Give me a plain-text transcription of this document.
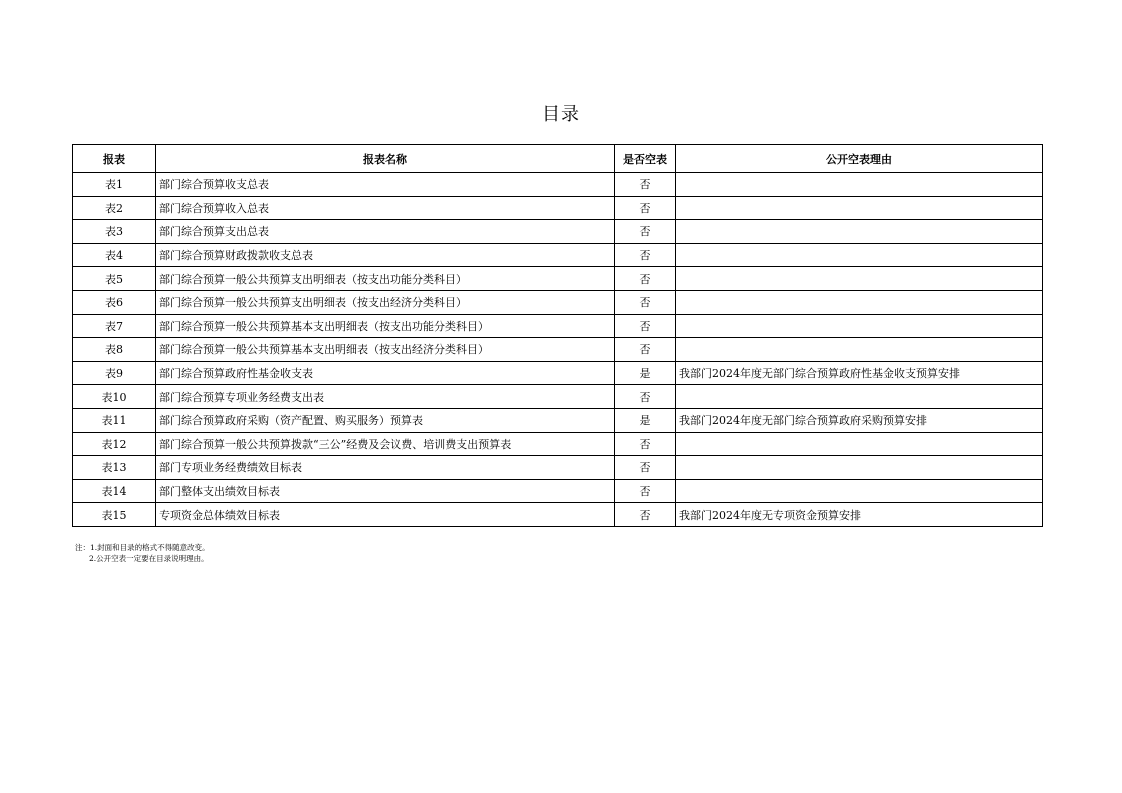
目录
报表	报表名称	是否空表	公开空表理由
表1	部门综合预算收支总表	否	
表2	部门综合预算收入总表	否	
表3	部门综合预算支出总表	否	
表4	部门综合预算财政拨款收支总表	否	
表5	部门综合预算一般公共预算支出明细表（按支出功能分类科目）	否	
表6	部门综合预算一般公共预算支出明细表（按支出经济分类科目）	否	
表7	部门综合预算一般公共预算基本支出明细表（按支出功能分类科目）	否	
表8	部门综合预算一般公共预算基本支出明细表（按支出经济分类科目）	否	
表9	部门综合预算政府性基金收支表	是	我部门2024年度无部门综合预算政府性基金收支预算安排
表10	部门综合预算专项业务经费支出表	否	
表11	部门综合预算政府采购（资产配置、购买服务）预算表	是	我部门2024年度无部门综合预算政府采购预算安排
表12	部门综合预算一般公共预算拨款“三公”经费及会议费、培训费支出预算表	否	
表13	部门专项业务经费绩效目标表	否	
表14	部门整体支出绩效目标表	否	
表15	专项资金总体绩效目标表	否	我部门2024年度无专项资金预算安排
注：1.封面和目录的格式不得随意改变。
2.公开空表一定要在目录说明理由。
